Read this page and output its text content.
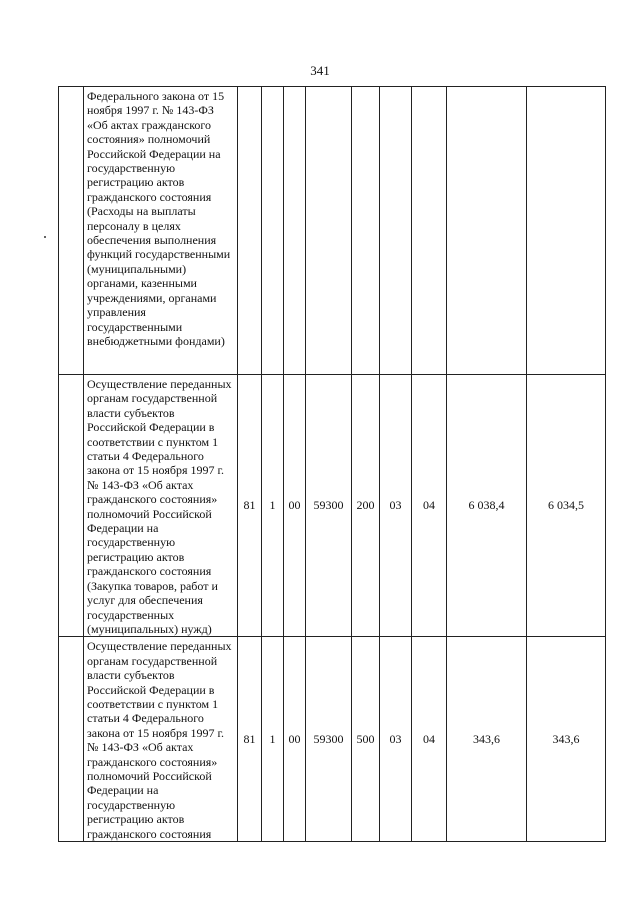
341
	Федерального закона от 15 ноября 1997 г. № 143-ФЗ «Об актах гражданского состояния» полномочий Российской Федерации на государственную регистрацию актов гражданского состояния (Расходы на выплаты персоналу в целях обеспечения выполнения функций государственными (муниципальными) органами, казенными учреждениями, органами управления государственными внебюджетными фондами)									
	Осуществление переданных органам государственной власти субъектов Российской Федерации в соответствии с пунктом 1 статьи 4 Федерального закона от 15 ноября 1997 г. № 143-ФЗ «Об актах гражданского состояния» полномочий Российской Федерации на государственную регистрацию актов гражданского состояния (Закупка товаров, работ и услуг для обеспечения государственных (муниципальных) нужд)	81	1	00	59300	200	03	04	6 038,4	6 034,5
	Осуществление переданных органам государственной власти субъектов Российской Федерации в соответствии с пунктом 1 статьи 4 Федерального закона от 15 ноября 1997 г. № 143-ФЗ «Об актах гражданского состояния» полномочий Российской Федерации на государственную регистрацию актов гражданского состояния	81	1	00	59300	500	03	04	343,6	343,6
